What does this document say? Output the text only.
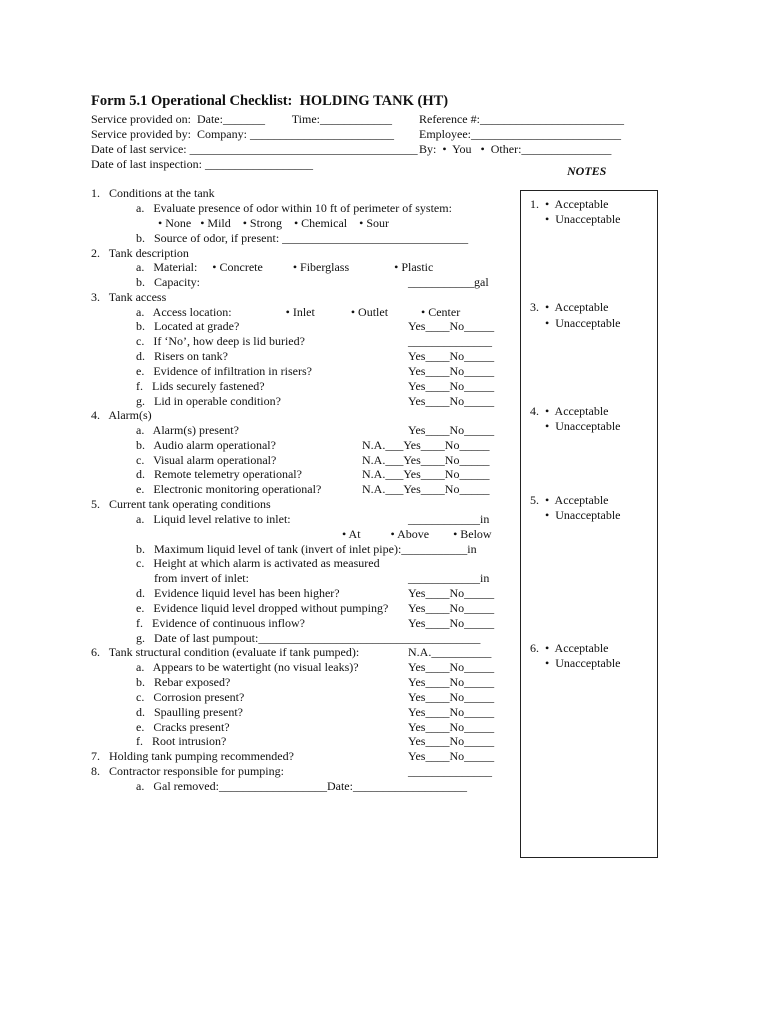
Form 5.1 Operational Checklist:  HOLDING TANK (HT)
Service provided on:  Date:_______         Time:____________
Service provided by:  Company: ________________________
Date of last service: ______________________________________
Date of last inspection: __________________
Reference #:________________________
Employee:_________________________
By:  •  You   •  Other:_______________
NOTES
1.   Conditions at the tank
a.   Evaluate presence of odor within 10 ft of perimeter of system:
• None   • Mild    • Strong    • Chemical    • Sour
b.   Source of odor, if present: _______________________________
2.   Tank description
a.   Material:     • Concrete          • Fiberglass               • Plastic
b.   Capacity:	___________gal
3.   Tank access
a.   Access location:                  • Inlet            • Outlet           • Center
b.   Located at grade?	Yes____No_____
c.   If ‘No’, how deep is lid buried?	______________
d.   Risers on tank?	Yes____No_____
e.   Evidence of infiltration in risers?	Yes____No_____
f.   Lids securely fastened?	Yes____No_____
g.   Lid in operable condition?	Yes____No_____
4.   Alarm(s)
a.   Alarm(s) present?	Yes____No_____
b.   Audio alarm operational?	N.A.___Yes____No_____
c.   Visual alarm operational?	N.A.___Yes____No_____
d.   Remote telemetry operational?	N.A.___Yes____No_____
e.   Electronic monitoring operational?	N.A.___Yes____No_____
5.   Current tank operating conditions
a.   Liquid level relative to inlet:	____________in
• At          • Above        • Below
b.   Maximum liquid level of tank (invert of inlet pipe):___________in
c.   Height at which alarm is activated as measured
from invert of inlet:	____________in
d.   Evidence liquid level has been higher?	Yes____No_____
e.   Evidence liquid level dropped without pumping? Yes____No_____
f.   Evidence of continuous inflow?	Yes____No_____
g.   Date of last pumpout:_____________________________________
6.   Tank structural condition (evaluate if tank pumped):	N.A.__________
a.   Appears to be watertight (no visual leaks)?	Yes____No_____
b.   Rebar exposed?	Yes____No_____
c.   Corrosion present?	Yes____No_____
d.   Spaulling present?	Yes____No_____
e.   Cracks present?	Yes____No_____
f.   Root intrusion?	Yes____No_____
7.   Holding tank pumping recommended?	Yes____No_____
8.   Contractor responsible for pumping:	______________
a.   Gal removed:__________________Date:___________________
1. •  Acceptable
•  Unacceptable
3. •  Acceptable
•  Unacceptable
4. •  Acceptable
•  Unacceptable
5. •  Acceptable
•  Unacceptable
6. •  Acceptable
•  Unacceptable
